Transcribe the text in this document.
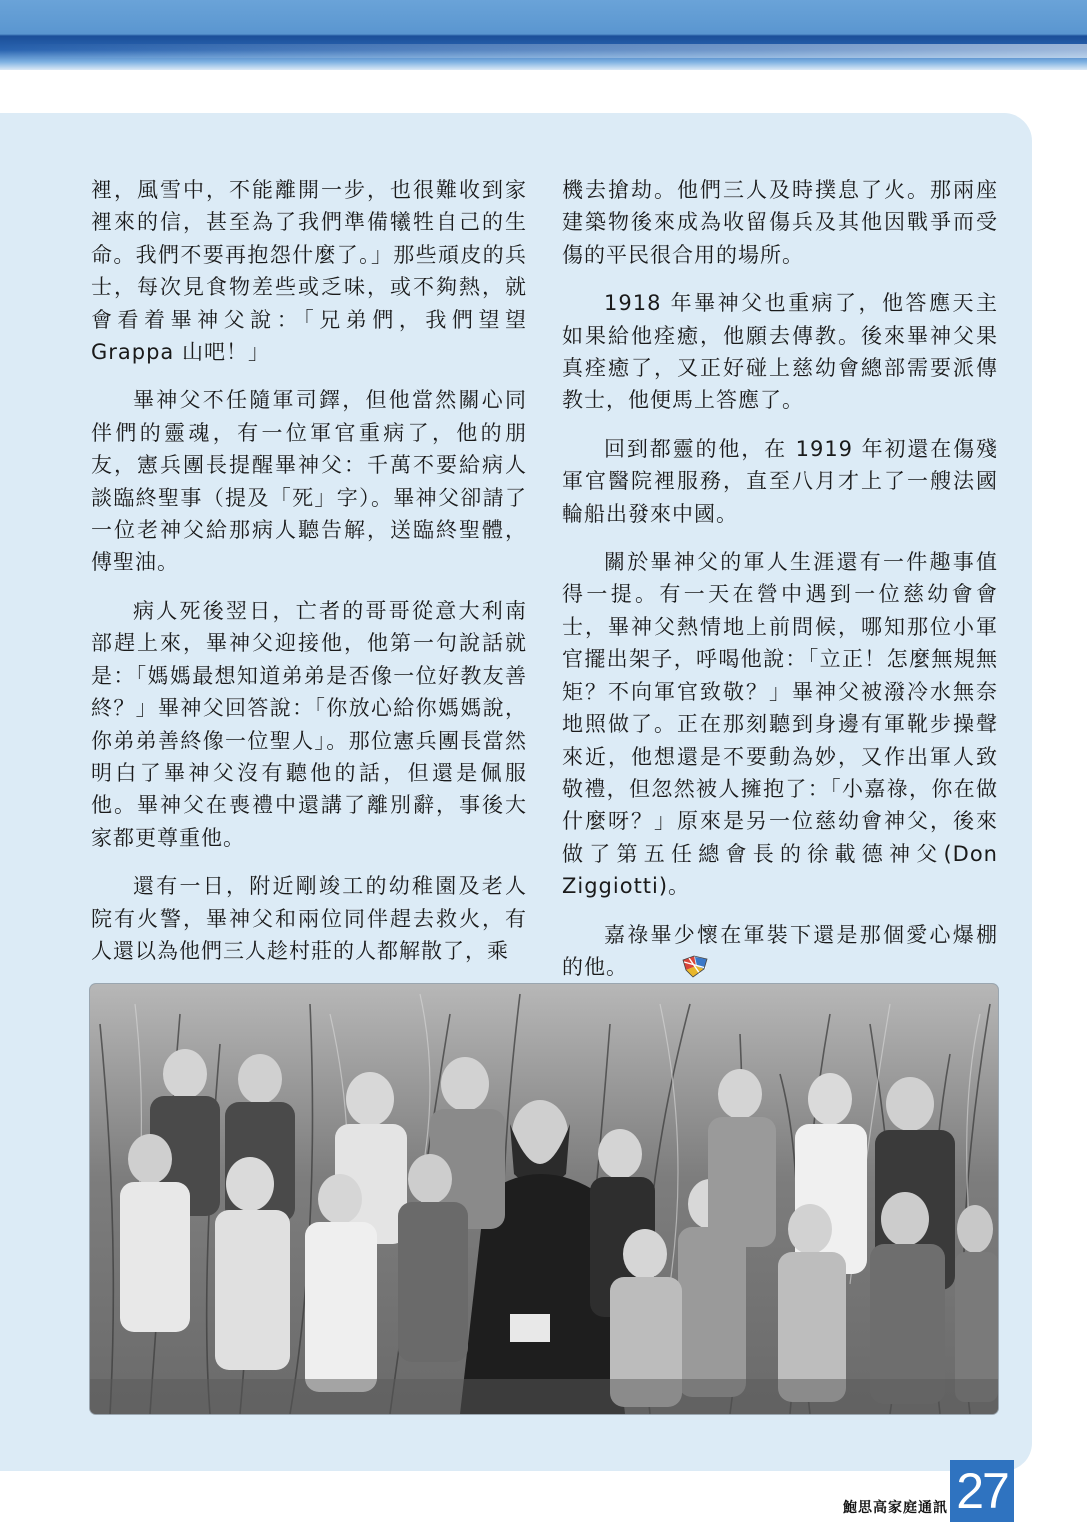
裡，風雪中，不能離開一步，也很難收到家裡來的信，甚至為了我們準備犧牲自己的生命。我們不要再抱怨什麼了。」那些頑皮的兵士，每次見食物差些或乏味，或不夠熱，就會看着畢神父說：「兄弟們，我們望望Grappa 山吧！」

畢神父不任隨軍司鐸，但他當然關心同伴們的靈魂，有一位軍官重病了，他的朋友，憲兵團長提醒畢神父：千萬不要給病人談臨終聖事（提及「死」字）。畢神父卻請了一位老神父給那病人聽告解，送臨終聖體，傅聖油。

病人死後翌日，亡者的哥哥從意大利南部趕上來，畢神父迎接他，他第一句說話就是：「媽媽最想知道弟弟是否像一位好教友善終？」畢神父回答說：「你放心給你媽媽說，你弟弟善終像一位聖人」。那位憲兵團長當然明白了畢神父沒有聽他的話，但還是佩服他。畢神父在喪禮中還講了離別辭，事後大家都更尊重他。

還有一日，附近剛竣工的幼稚園及老人院有火警，畢神父和兩位同伴趕去救火，有人還以為他們三人趁村莊的人都解散了，乘

機去搶劫。他們三人及時撲息了火。那兩座建築物後來成為收留傷兵及其他因戰爭而受傷的平民很合用的場所。

1918 年畢神父也重病了，他答應天主如果給他痊癒，他願去傳教。後來畢神父果真痊癒了，又正好碰上慈幼會總部需要派傳教士，他便馬上答應了。

回到都靈的他，在 1919 年初還在傷殘軍官醫院裡服務，直至八月才上了一艘法國輪船出發來中國。

關於畢神父的軍人生涯還有一件趣事值得一提。有一天在營中遇到一位慈幼會會士，畢神父熱情地上前問候，哪知那位小軍官擺出架子，呼喝他說：「立正！怎麼無規無矩？不向軍官致敬？」畢神父被潑冷水無奈地照做了。正在那刻聽到身邊有軍靴步操聲來近，他想還是不要動為妙，又作出軍人致敬禮，但忽然被人擁抱了：「小嘉祿，你在做什麼呀？」原來是另一位慈幼會神父，後來做了第五任總會長的徐載德神父(Don Ziggiotti)。

嘉祿畢少懷在軍裝下還是那個愛心爆棚的他。

鮑思高家庭通訊 27
